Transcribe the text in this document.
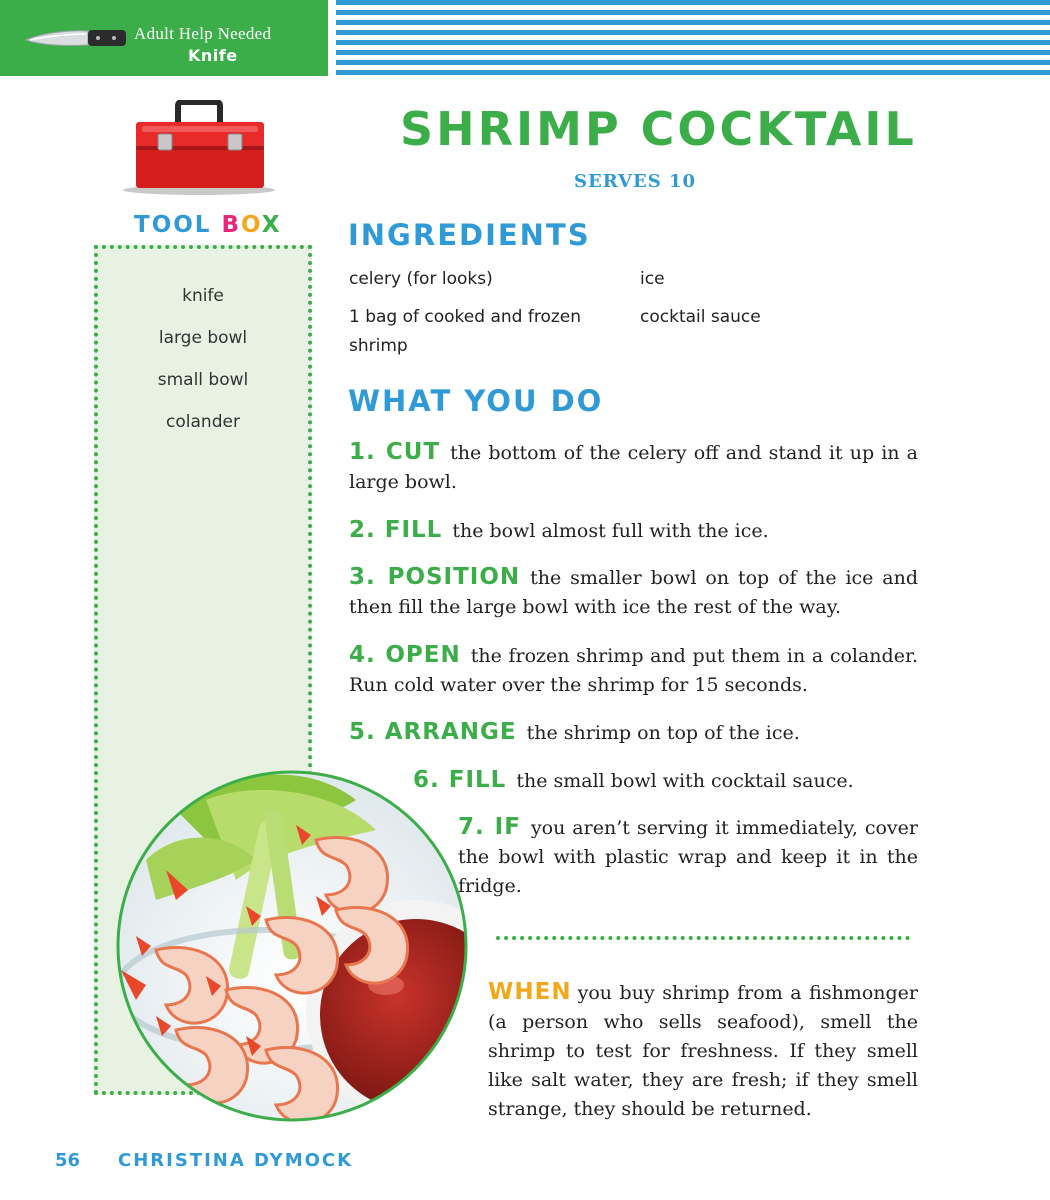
Adult Help Needed
Knife
TOOL BOX
knife
large bowl
small bowl
colander
SHRIMP COCKTAIL
SERVES 10
INGREDIENTS
celery (for looks)	ice
1 bag of cooked and frozen shrimp
cocktail sauce
WHAT YOU DO
1. CUT the bottom of the celery off and stand it up in a large bowl.
2. FILL the bowl almost full with the ice.
3. POSITION the smaller bowl on top of the ice and then fill the large bowl with ice the rest of the way.
4. OPEN the frozen shrimp and put them in a colander. Run cold water over the shrimp for 15 seconds.
5. ARRANGE the shrimp on top of the ice.
6. FILL the small bowl with cocktail sauce.
7. IF you aren’t serving it immediately, cover the bowl with plastic wrap and keep it in the fridge.
WHEN you buy shrimp from a fishmonger (a person who sells seafood), smell the shrimp to test for freshness. If they smell like salt water, they are fresh; if they smell strange, they should be returned.
56 CHRISTINA DYMOCK
